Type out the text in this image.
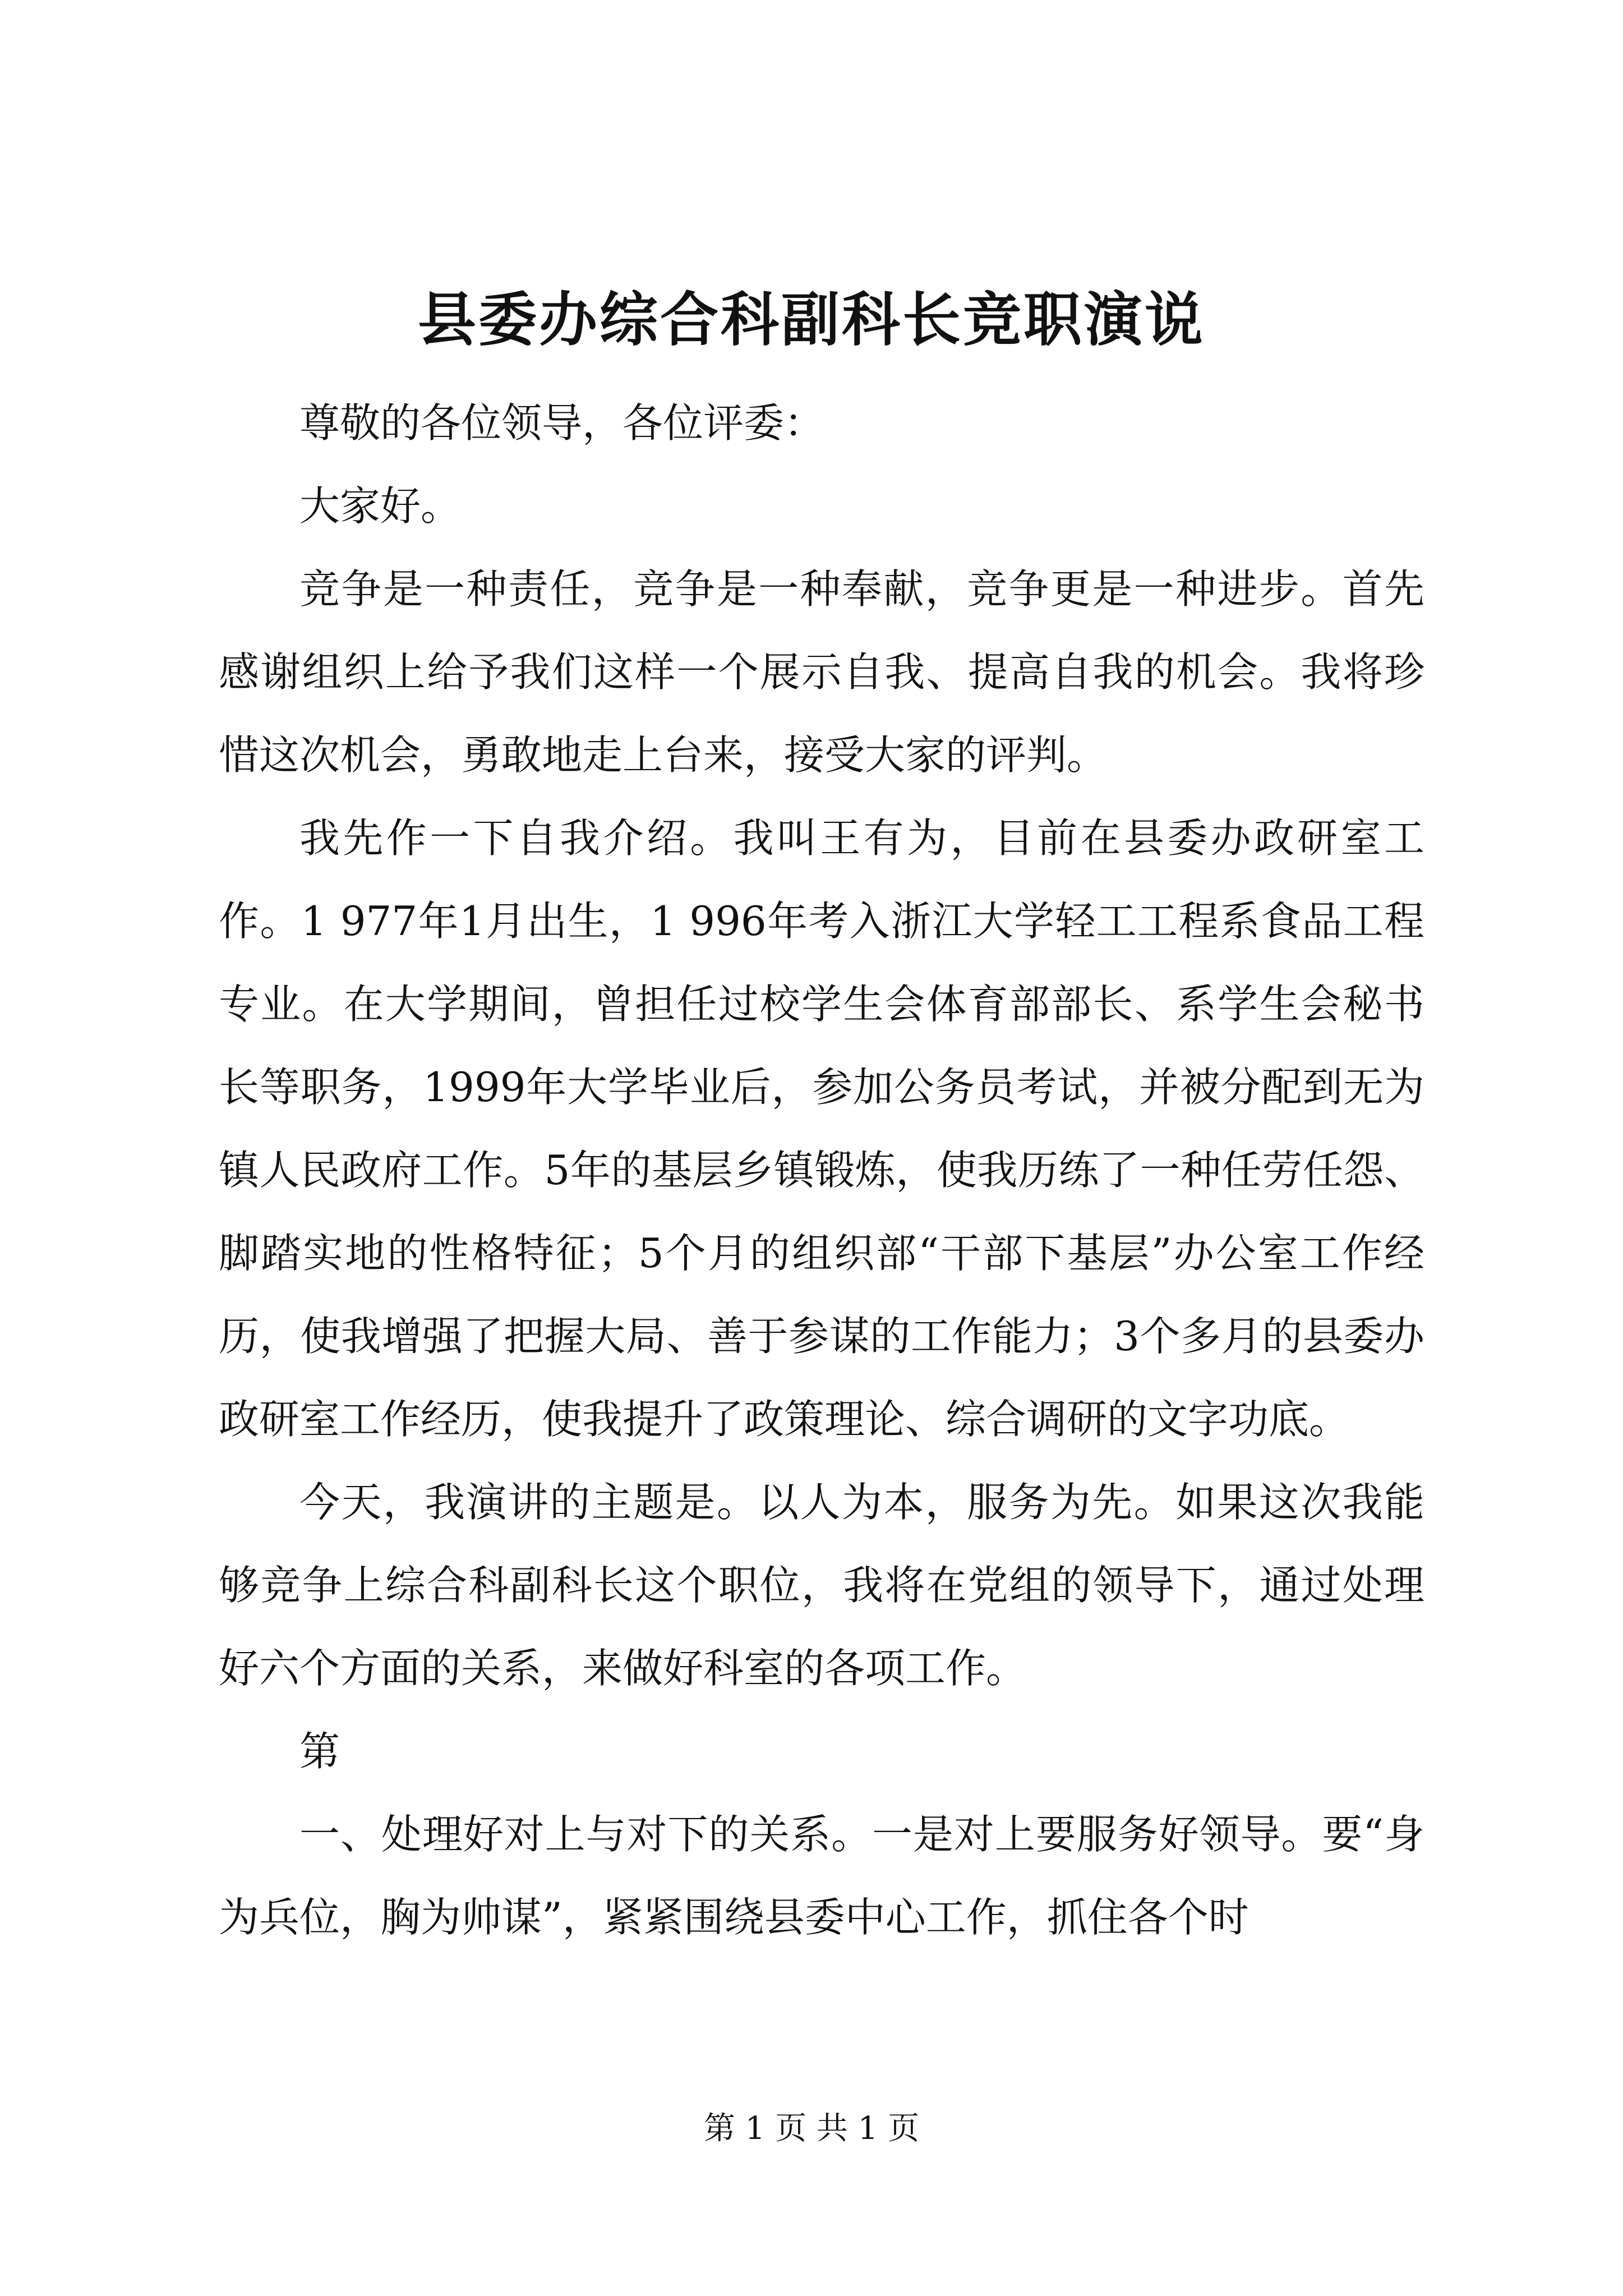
县委办综合科副科长竞职演说

尊敬的各位领导，各位评委：

大家好。

竞争是一种责任，竞争是一种奉献，竞争更是一种进步。首先感谢组织上给予我们这样一个展示自我、提高自我的机会。我将珍惜这次机会，勇敢地走上台来，接受大家的评判。

我先作一下自我介绍。我叫王有为，目前在县委办政研室工作。1 977年1月出生，1 996年考入浙江大学轻工工程系食品工程专业。在大学期间，曾担任过校学生会体育部部长、系学生会秘书长等职务，1999年大学毕业后，参加公务员考试，并被分配到无为镇人民政府工作。5年的基层乡镇锻炼，使我历练了一种任劳任怨、脚踏实地的性格特征；5个月的组织部“干部下基层”办公室工作经历，使我增强了把握大局、善于参谋的工作能力；3个多月的县委办政研室工作经历，使我提升了政策理论、综合调研的文字功底。

今天，我演讲的主题是。以人为本，服务为先。如果这次我能够竞争上综合科副科长这个职位，我将在党组的领导下，通过处理好六个方面的关系，来做好科室的各项工作。

第

一、处理好对上与对下的关系。一是对上要服务好领导。要“身为兵位，胸为帅谋”，紧紧围绕县委中心工作，抓住各个时

第 1 页 共 1 页
